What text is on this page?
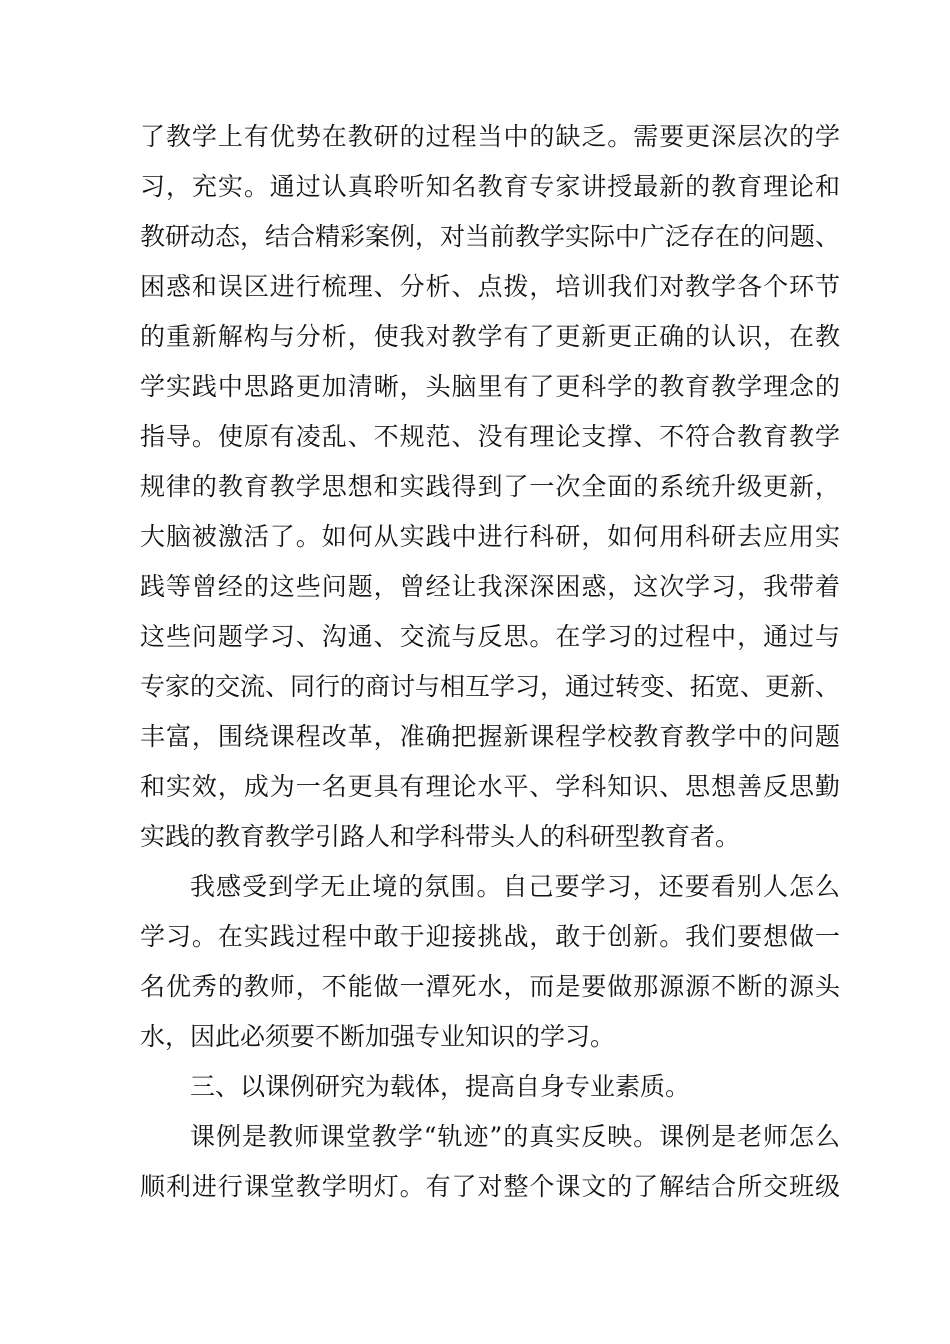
了教学上有优势在教研的过程当中的缺乏。需要更深层次的学
习，充实。通过认真聆听知名教育专家讲授最新的教育理论和
教研动态，结合精彩案例，对当前教学实际中广泛存在的问题、
困惑和误区进行梳理、分析、点拨，培训我们对教学各个环节
的重新解构与分析，使我对教学有了更新更正确的认识，在教
学实践中思路更加清晰，头脑里有了更科学的教育教学理念的
指导。使原有凌乱、不规范、没有理论支撑、不符合教育教学
规律的教育教学思想和实践得到了一次全面的系统升级更新，
大脑被激活了。如何从实践中进行科研，如何用科研去应用实
践等曾经的这些问题，曾经让我深深困惑，这次学习，我带着
这些问题学习、沟通、交流与反思。在学习的过程中，通过与
专家的交流、同行的商讨与相互学习，通过转变、拓宽、更新、
丰富，围绕课程改革，准确把握新课程学校教育教学中的问题
和实效，成为一名更具有理论水平、学科知识、思想善反思勤
实践的教育教学引路人和学科带头人的科研型教育者。
我感受到学无止境的氛围。自己要学习，还要看别人怎么
学习。在实践过程中敢于迎接挑战，敢于创新。我们要想做一
名优秀的教师，不能做一潭死水，而是要做那源源不断的源头
水，因此必须要不断加强专业知识的学习。
三、以课例研究为载体，提高自身专业素质。
课例是教师课堂教学“轨迹”的真实反映。课例是老师怎么
顺利进行课堂教学明灯。有了对整个课文的了解结合所交班级
